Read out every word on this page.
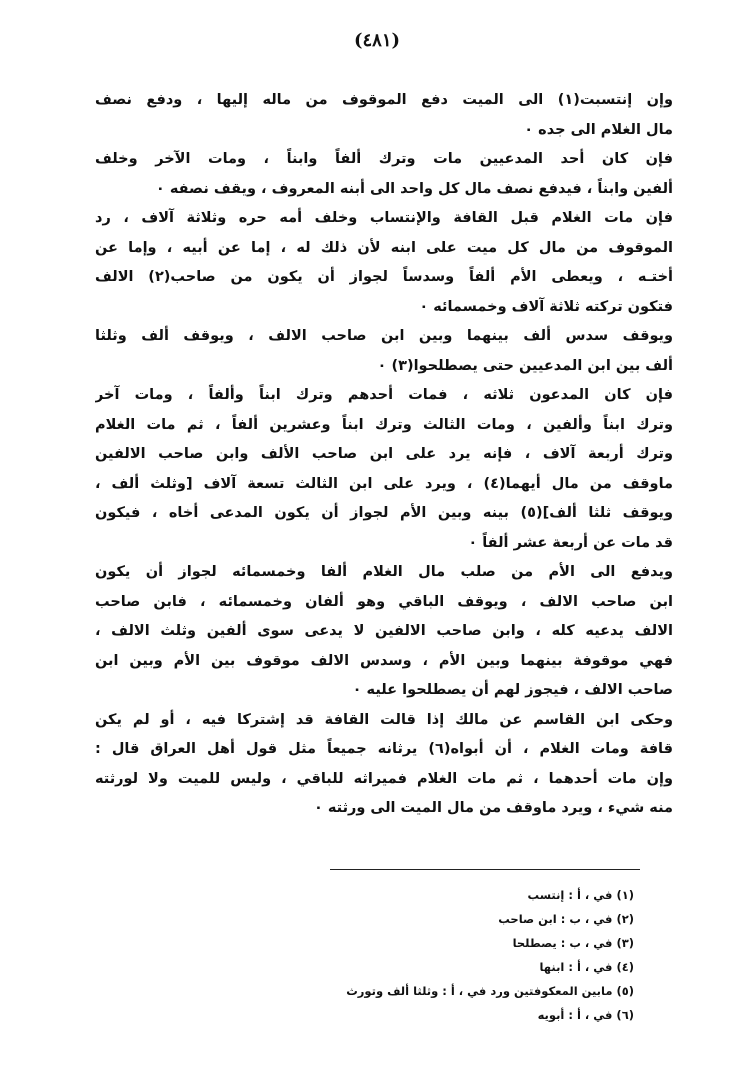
(٤٨١)
وإن إنتسبت(١) الى الميت دفع الموقوف من ماله إليها ، ودفع نصف
مال الغلام الى جده ٠
فإن كان أحد المدعيين مات وترك ألفاً وابناً ، ومات الآخر وخلف
ألفين وابناً ، فيدفع نصف مال كل واحد الى أبنه المعروف ، ويقف نصفه ٠
فإن مات الغلام قبل القافة والإنتساب وخلف أمه حره وثلاثة آلاف ، رد
الموقوف من مال كل ميت على ابنه لأن ذلك له ، إما عن أبيه ، وإما عن
أختـه ، ويعطى الأم ألفاً وسدساً لجواز أن يكون من صاحب(٢) الالف
فتكون تركته ثلاثة آلاف وخمسمائه ٠
ويوقف سدس ألف بينهما وبين ابن صاحب الالف ، ويوقف ألف وثلثا
ألف بين ابن المدعيين حتى يصطلحوا(٣) ٠
فإن كان المدعون ثلاثه ، فمات أحدهم وترك ابناً وألفاً ، ومات آخر
وترك ابناً وألفين ، ومات الثالث وترك ابناً وعشرين ألفاً ، ثم مات الغلام
وترك أربعة آلاف ، فإنه يرد على ابن صاحب الألف وابن صاحب الالفين
ماوقف من مال أيهما(٤) ، ويرد على ابن الثالث تسعة آلاف [وثلث ألف ،
ويوقف ثلثا ألف](٥) بينه وبين الأم لجواز أن يكون المدعى أخاه ، فيكون
قد مات عن أربعة عشر ألفاً ٠
ويدفع الى الأم من صلب مال الغلام ألفا وخمسمائه لجواز أن يكون
ابن صاحب الالف ، ويوقف الباقي وهو ألفان وخمسمائه ، فابن صاحب
الالف يدعيه كله ، وابن صاحب الالفين لا يدعى سوى ألفين وثلث الالف ،
فهي موقوفة بينهما وبين الأم ، وسدس الالف موقوف بين الأم وبين ابن
صاحب الالف ، فيجوز لهم أن يصطلحوا عليه ٠
وحكى ابن القاسم عن مالك إذا قالت القافة قد إشتركا فيه ، أو لم يكن
قافة ومات الغلام ، أن أبواه(٦) يرثانه جميعاً مثل قول أهل العراق قال :
وإن مات أحدهما ، ثم مات الغلام فميراثه للباقي ، وليس للميت ولا لورثته
منه شيء ، ويرد ماوقف من مال الميت الى ورثته ٠
(١) في ، أ : إنتسب
(٢) في ، ب : ابن صاحب
(٣) في ، ب : يصطلحا
(٤) في ، أ : ابنها
(٥) مابين المعكوفتين ورد في ، أ : وثلثا ألف وتورث
(٦) في ، أ : أبويه
